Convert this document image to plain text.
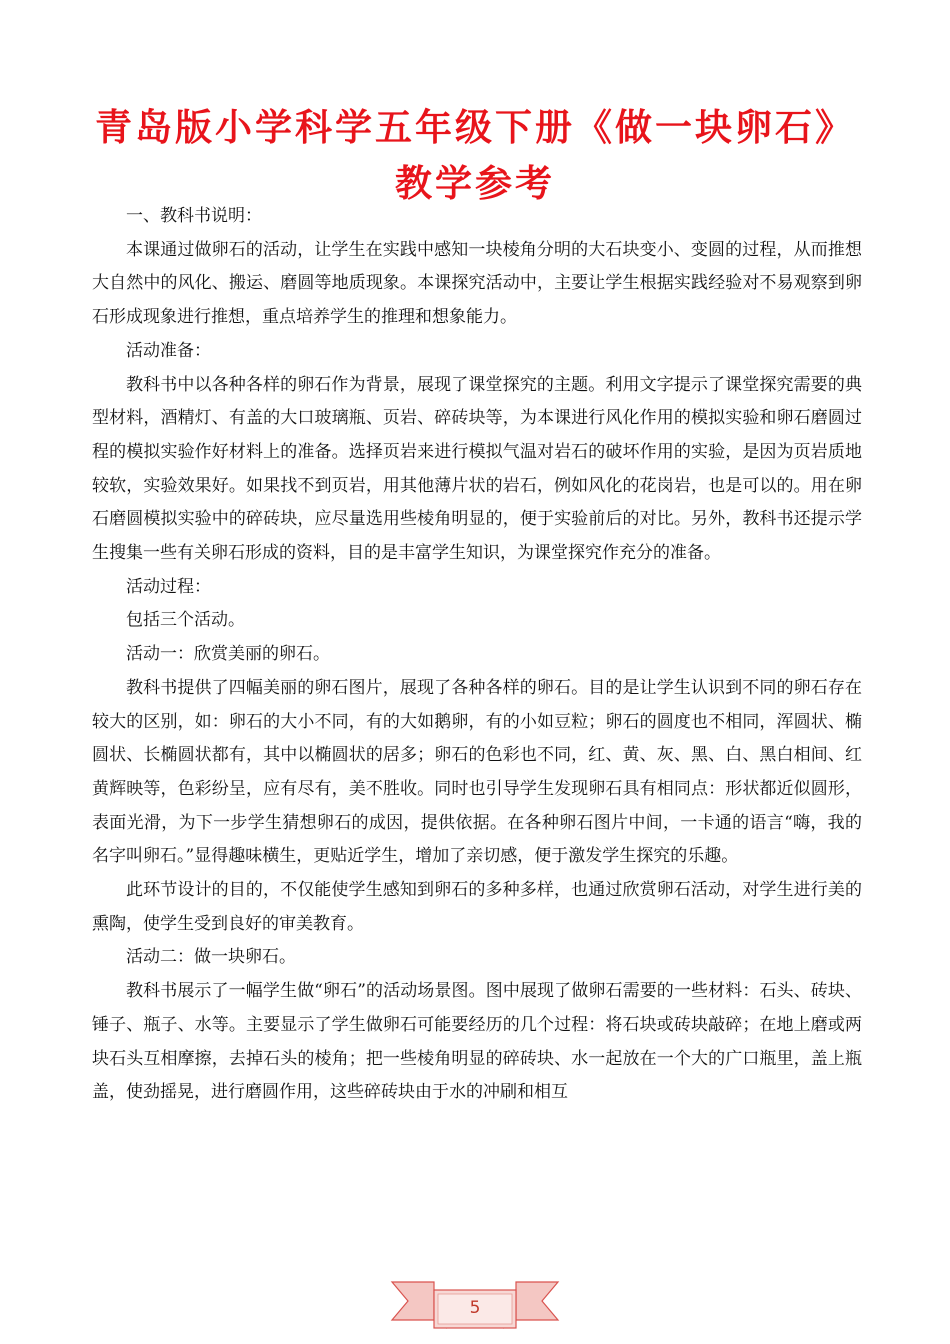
青岛版小学科学五年级下册《做一块卵石》教学参考

一、教科书说明：

本课通过做卵石的活动，让学生在实践中感知一块棱角分明的大石块变小、变圆的过程，从而推想大自然中的风化、搬运、磨圆等地质现象。本课探究活动中，主要让学生根据实践经验对不易观察到卵石形成现象进行推想，重点培养学生的推理和想象能力。

活动准备：

教科书中以各种各样的卵石作为背景，展现了课堂探究的主题。利用文字提示了课堂探究需要的典型材料，酒精灯、有盖的大口玻璃瓶、页岩、碎砖块等，为本课进行风化作用的模拟实验和卵石磨圆过程的模拟实验作好材料上的准备。选择页岩来进行模拟气温对岩石的破坏作用的实验，是因为页岩质地较软，实验效果好。如果找不到页岩，用其他薄片状的岩石，例如风化的花岗岩，也是可以的。用在卵石磨圆模拟实验中的碎砖块，应尽量选用些棱角明显的，便于实验前后的对比。另外，教科书还提示学生搜集一些有关卵石形成的资料，目的是丰富学生知识，为课堂探究作充分的准备。

活动过程：

包括三个活动。

活动一：欣赏美丽的卵石。

教科书提供了四幅美丽的卵石图片，展现了各种各样的卵石。目的是让学生认识到不同的卵石存在较大的区别，如：卵石的大小不同，有的大如鹅卵，有的小如豆粒；卵石的圆度也不相同，浑圆状、椭圆状、长椭圆状都有，其中以椭圆状的居多；卵石的色彩也不同，红、黄、灰、黑、白、黑白相间、红黄辉映等，色彩纷呈，应有尽有，美不胜收。同时也引导学生发现卵石具有相同点：形状都近似圆形，表面光滑，为下一步学生猜想卵石的成因，提供依据。在各种卵石图片中间，一卡通的语言“嗨，我的名字叫卵石。”显得趣味横生，更贴近学生，增加了亲切感，便于激发学生探究的乐趣。

此环节设计的目的，不仅能使学生感知到卵石的多种多样，也通过欣赏卵石活动，对学生进行美的熏陶，使学生受到良好的审美教育。

活动二：做一块卵石。

教科书展示了一幅学生做“卵石”的活动场景图。图中展现了做卵石需要的一些材料：石头、砖块、锤子、瓶子、水等。主要显示了学生做卵石可能要经历的几个过程：将石块或砖块敲碎；在地上磨或两块石头互相摩擦，去掉石头的棱角；把一些棱角明显的碎砖块、水一起放在一个大的广口瓶里，盖上瓶盖，使劲摇晃，进行磨圆作用，这些碎砖块由于水的冲刷和相互

5
